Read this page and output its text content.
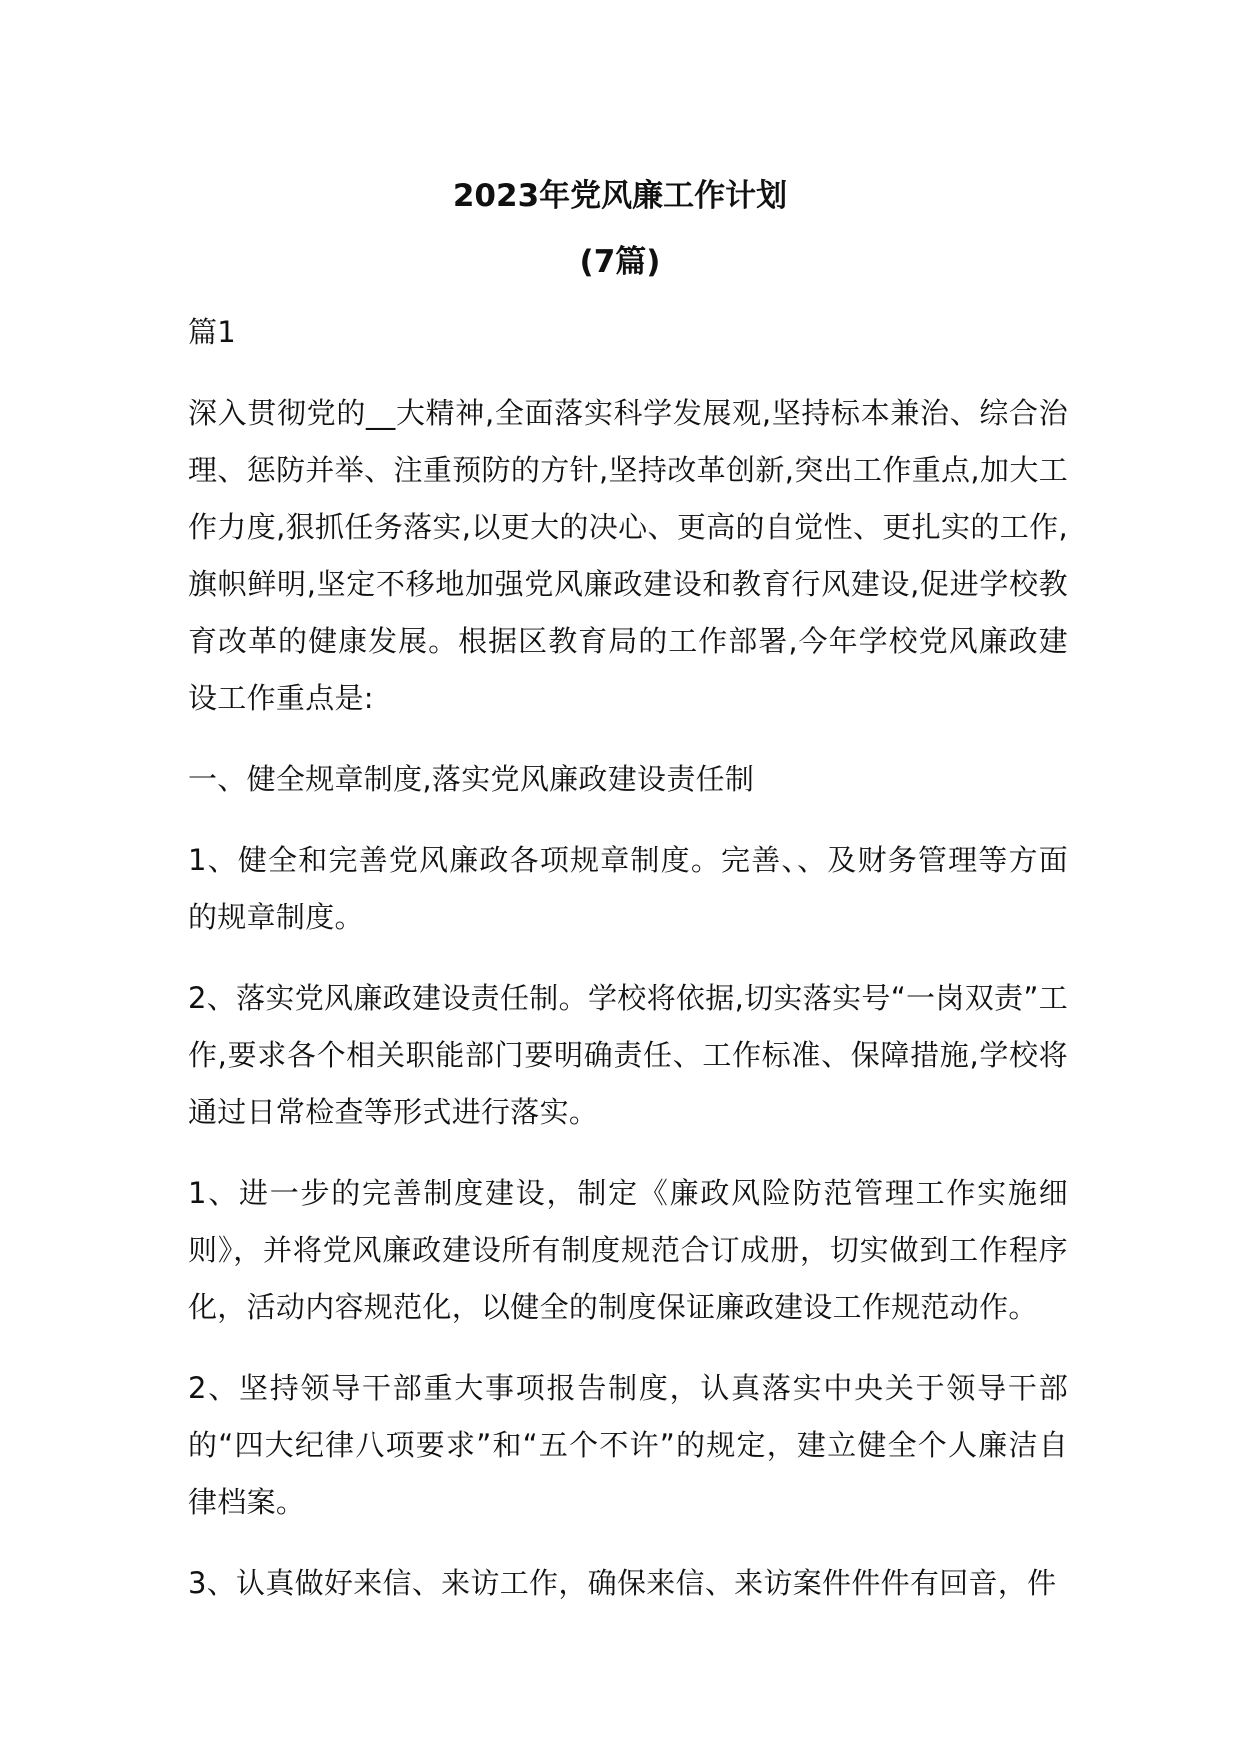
2023年党风廉工作计划
(7篇)

篇1

深入贯彻党的__大精神,全面落实科学发展观,坚持标本兼治、综合治理、惩防并举、注重预防的方针,坚持改革创新,突出工作重点,加大工作力度,狠抓任务落实,以更大的决心、更高的自觉性、更扎实的工作,旗帜鲜明,坚定不移地加强党风廉政建设和教育行风建设,促进学校教育改革的健康发展。根据区教育局的工作部署,今年学校党风廉政建设工作重点是:

一、健全规章制度,落实党风廉政建设责任制

1、健全和完善党风廉政各项规章制度。完善、、及财务管理等方面的规章制度。

2、落实党风廉政建设责任制。学校将依据,切实落实号“一岗双责”工作,要求各个相关职能部门要明确责任、工作标准、保障措施,学校将通过日常检查等形式进行落实。

1、进一步的完善制度建设，制定《廉政风险防范管理工作实施细则》，并将党风廉政建设所有制度规范合订成册，切实做到工作程序化，活动内容规范化，以健全的制度保证廉政建设工作规范动作。

2、坚持领导干部重大事项报告制度，认真落实中央关于领导干部的“四大纪律八项要求”和“五个不许”的规定，建立健全个人廉洁自律档案。

3、认真做好来信、来访工作，确保来信、来访案件件件有回音，件
